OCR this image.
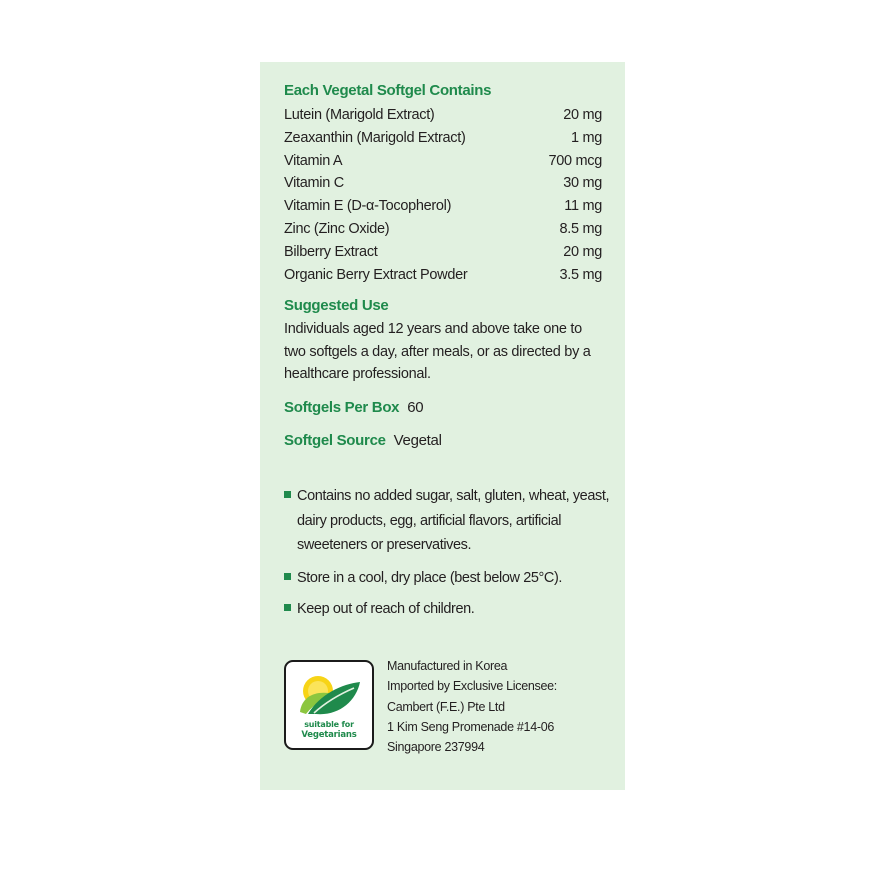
Each Vegetal Softgel Contains
Lutein (Marigold Extract)	20 mg
Zeaxanthin (Marigold Extract)	1 mg
Vitamin A	700 mcg
Vitamin C	30 mg
Vitamin E (D-α-Tocopherol)	11 mg
Zinc (Zinc Oxide)	8.5 mg
Bilberry Extract	20 mg
Organic Berry Extract Powder	3.5 mg
Suggested Use
Individuals aged 12 years and above take one to two softgels a day, after meals, or as directed by a healthcare professional.
Softgels Per Box 60
Softgel Source Vegetal
Contains no added sugar, salt, gluten, wheat, yeast, dairy products, egg, artificial flavors, artificial sweeteners or preservatives.
Store in a cool, dry place (best below 25°C).
Keep out of reach of children.
suitable for
Vegetarians
Manufactured in Korea
Imported by Exclusive Licensee:
Cambert (F.E.) Pte Ltd
1 Kim Seng Promenade #14-06
Singapore 237994
